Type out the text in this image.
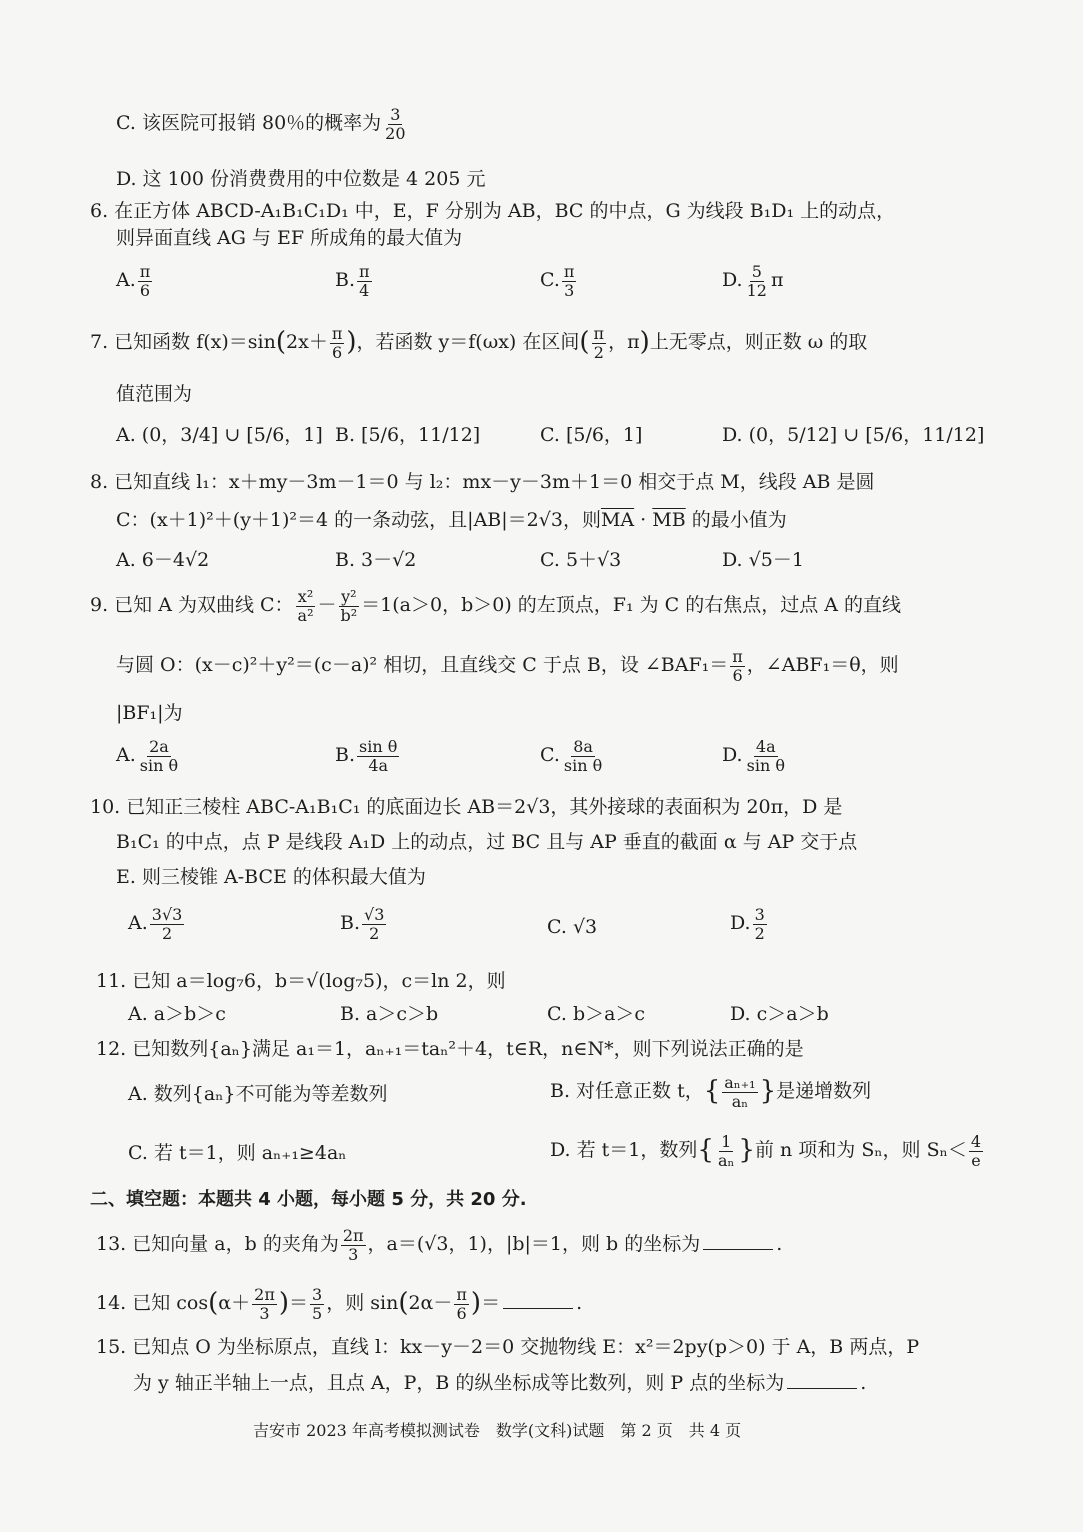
C. 该医院可报销 80％的概率为 $\frac{3}{20}$
D. 这 100 份消费费用的中位数是 4 205 元
6. 在正方体 ABCD-A₁B₁C₁D₁ 中，E，F 分别为 AB，BC 的中点，G 为线段 B₁D₁ 上的动点，
则异面直线 AG 与 EF 所成角的最大值为
A. $\frac{\pi}{6}$	B. $\frac{\pi}{4}$	C. $\frac{\pi}{3}$	D. $\frac{5}{12}$ π
7. 已知函数 $f(x)=\sin(2x+ \frac{\pi}{6}$ )，若函数 y＝f(ωx) 在区间( $\frac{\pi}{2}$ ，π)上无零点，则正数 ω 的取
值范围为
A. (0，3/4] ∪ [5/6，1] B. [5/6，11/12]	C. [5/6，1]	D. (0，5/12] ∪ [5/6，11/12]
8. 已知直线 l₁：x＋my－3m－1＝0 与 l₂：mx－y－3m＋1＝0 相交于点 M，线段 AB 是圆
C：(x＋1)²＋(y＋1)²＝4 的一条动弦，且|AB|＝2√3，则$\overline{MA} \cdot \overline{MB}$ 的最小值为
A. 6－4√2	B. 3－√2	C. 5＋√3	D. √5－1
9. 已知 A 为双曲线 C： $\frac{\text{x²}}{\text{a²}} - \frac{\text{y²}}{\text{b²}} =1(a>0$，b＞0) 的左顶点，F₁ 为 C 的右焦点，过点 A 的直线
与圆 O：(x－c)²＋y²＝(c－a)² 相切，且直线交 C 于点 B，设 ∠BAF₁＝ $\frac{\pi}{6}$ ，∠ABF₁＝θ，则
|BF₁|为
A. $\frac{2a}{\text{sin θ}}$	B. $\frac{\text{sin θ}}{4a}$	C. $\frac{8a}{\text{sin θ}}$	D. $\frac{4a}{\text{sin θ}}$
10. 已知正三棱柱 ABC-A₁B₁C₁ 的底面边长 AB＝2√3，其外接球的表面积为 20π，D 是
B₁C₁ 的中点，点 P 是线段 A₁D 上的动点，过 BC 且与 AP 垂直的截面 α 与 AP 交于点
E. 则三棱锥 A-BCE 的体积最大值为
A. $\frac{3√3}{2}$	B. $\frac{√3}{2}$	C. √3	D. $\frac{3}{2}$
11. 已知 a＝log₇6，b＝√(log₇5)，c＝ln 2，则
A. a＞b＞c	B. a＞c＞b	C. b＞a＞c	D. c＞a＞b
12. 已知数列{aₙ}满足 a₁＝1，aₙ₊₁＝taₙ²＋4，t∈R，n∈N*，则下列说法正确的是
A. 数列{aₙ}不可能为等差数列	B. 对任意正数 t，{ $\frac{\text{aₙ₊₁}}{\text{aₙ}}$ }是递增数列
C. 若 t＝1，则 aₙ₊₁≥4aₙ	D. 若 t＝1，数列{ $\frac{1}{\text{aₙ}}$ }前 n 项和为 Sₙ，则 $S_n< \frac{4}{e}$
二、填空题：本题共 4 小题，每小题 5 分，共 20 分.
13. 已知向量 a，b 的夹角为 $\frac{2\pi}{3}$ ，a＝(√3，1)，|b|＝1，则 b 的坐标为	.
14. 已知 $\cos(\alpha+ \frac{2\pi}{3}$ )＝ $\frac{3}{5}$ ，则 $\sin(2\alpha- \frac{\pi}{6}$ )＝	.
15. 已知点 O 为坐标原点，直线 l：kx－y－2＝0 交抛物线 E：x²＝2py(p＞0) 于 A，B 两点，P
为 y 轴正半轴上一点，且点 A，P，B 的纵坐标成等比数列，则 P 点的坐标为	.
吉安市 2023 年高考模拟测试卷　数学(文科)试题　第 2 页　共 4 页
